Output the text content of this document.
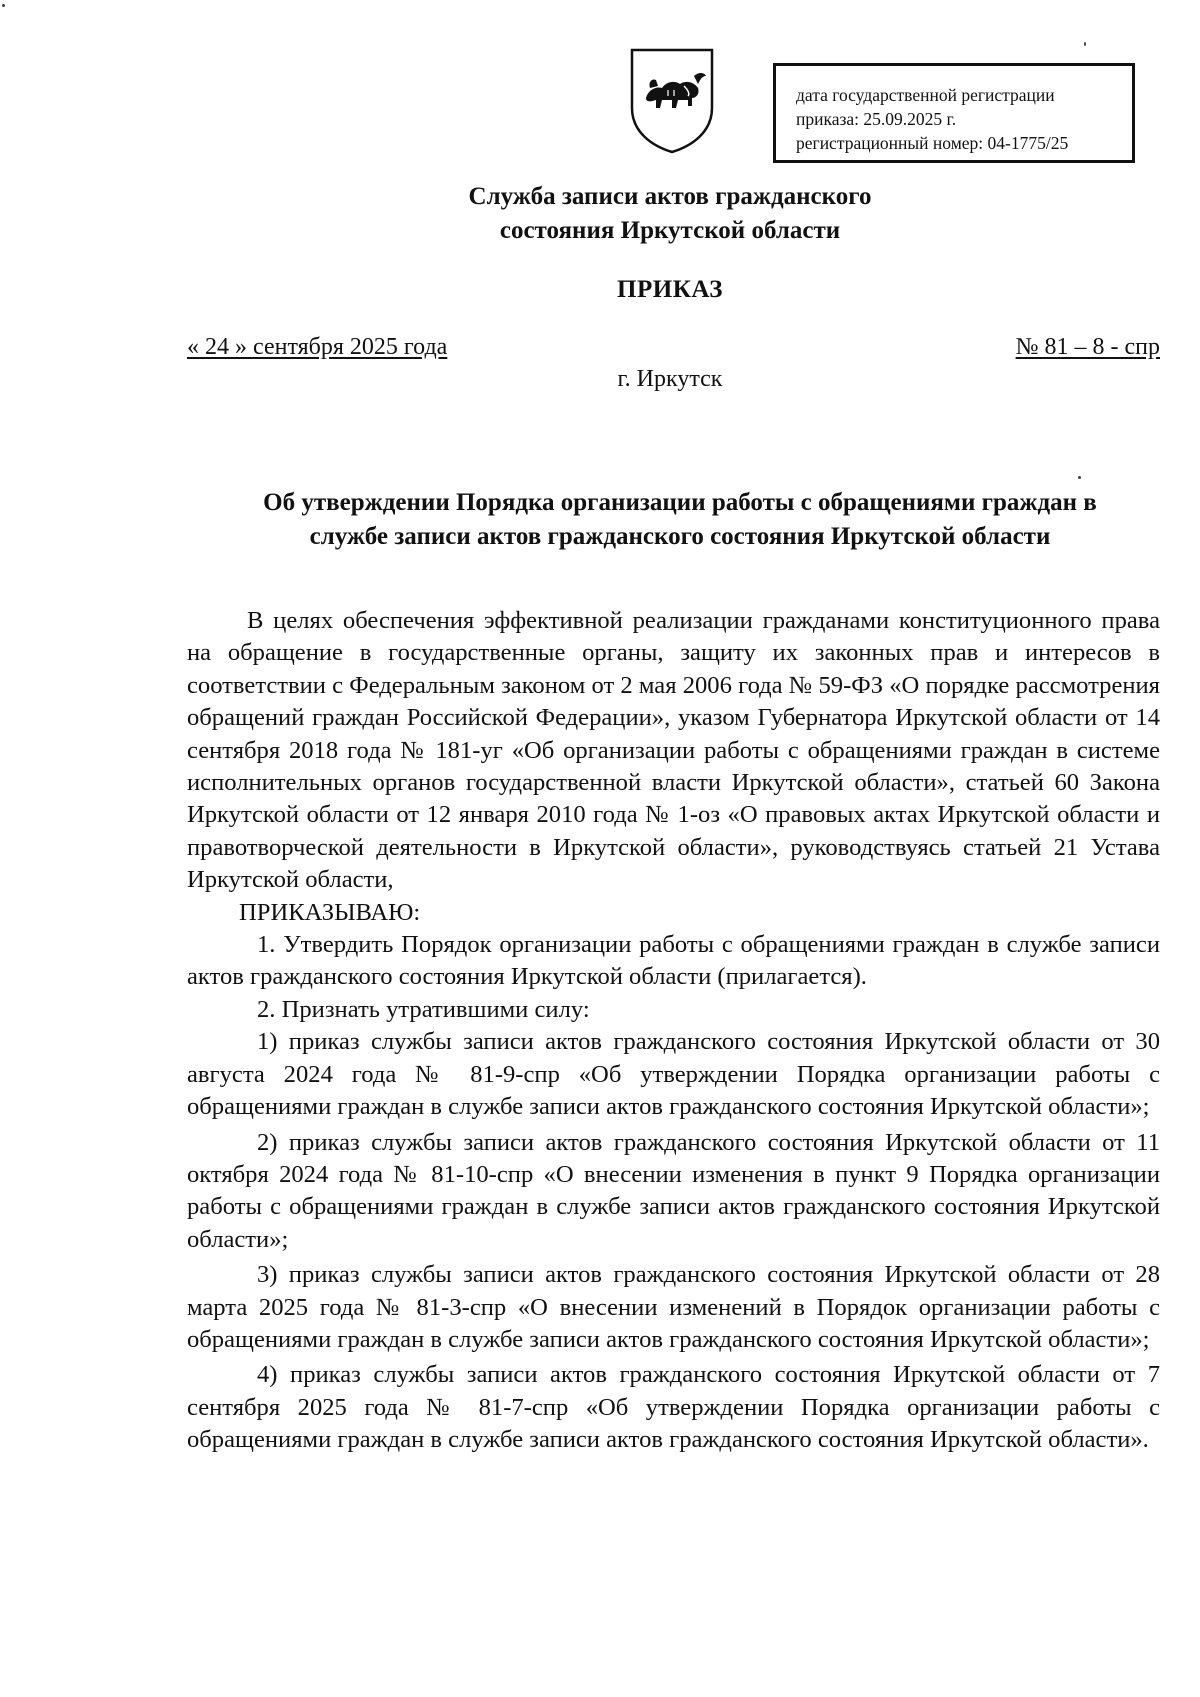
дата государственной регистрации
приказа: 25.09.2025 г.
регистрационный номер: 04-1775/25
Служба записи актов гражданского
состояния Иркутской области
ПРИКАЗ
« 24 » сентября 2025 года	№ 81 – 8 - спр
г. Иркутск
Об утверждении Порядка организации работы с обращениями граждан в
службе записи актов гражданского состояния Иркутской области

В целях обеспечения эффективной реализации гражданами конституционного права на обращение в государственные органы, защиту их законных прав и интересов в соответствии с Федеральным законом от 2 мая 2006 года № 59-ФЗ «О порядке рассмотрения обращений граждан Российской Федерации», указом Губернатора Иркутской области от 14 сентября 2018 года № 181-уг «Об организации работы с обращениями граждан в системе исполнительных органов государственной власти Иркутской области», статьей 60 Закона Иркутской области от 12 января 2010 года № 1-оз «О правовых актах Иркутской области и правотворческой деятельности в Иркутской области», руководствуясь статьей 21 Устава Иркутской области,

ПРИКАЗЫВАЮ:

1. Утвердить Порядок организации работы с обращениями граждан в службе записи актов гражданского состояния Иркутской области (прилагается).

2. Признать утратившими силу:

1) приказ службы записи актов гражданского состояния Иркутской области от 30 августа 2024 года № 81-9-спр «Об утверждении Порядка организации работы с обращениями граждан в службе записи актов гражданского состояния Иркутской области»;

2) приказ службы записи актов гражданского состояния Иркутской области от 11 октября 2024 года № 81-10-спр «О внесении изменения в пункт 9 Порядка организации работы с обращениями граждан в службе записи актов гражданского состояния Иркутской области»;

3) приказ службы записи актов гражданского состояния Иркутской области от 28 марта 2025 года № 81-3-спр «О внесении изменений в Порядок организации работы с обращениями граждан в службе записи актов гражданского состояния Иркутской области»;

4) приказ службы записи актов гражданского состояния Иркутской области от 7 сентября 2025 года № 81-7-спр «Об утверждении Порядка организации работы с обращениями граждан в службе записи актов гражданского состояния Иркутской области».
